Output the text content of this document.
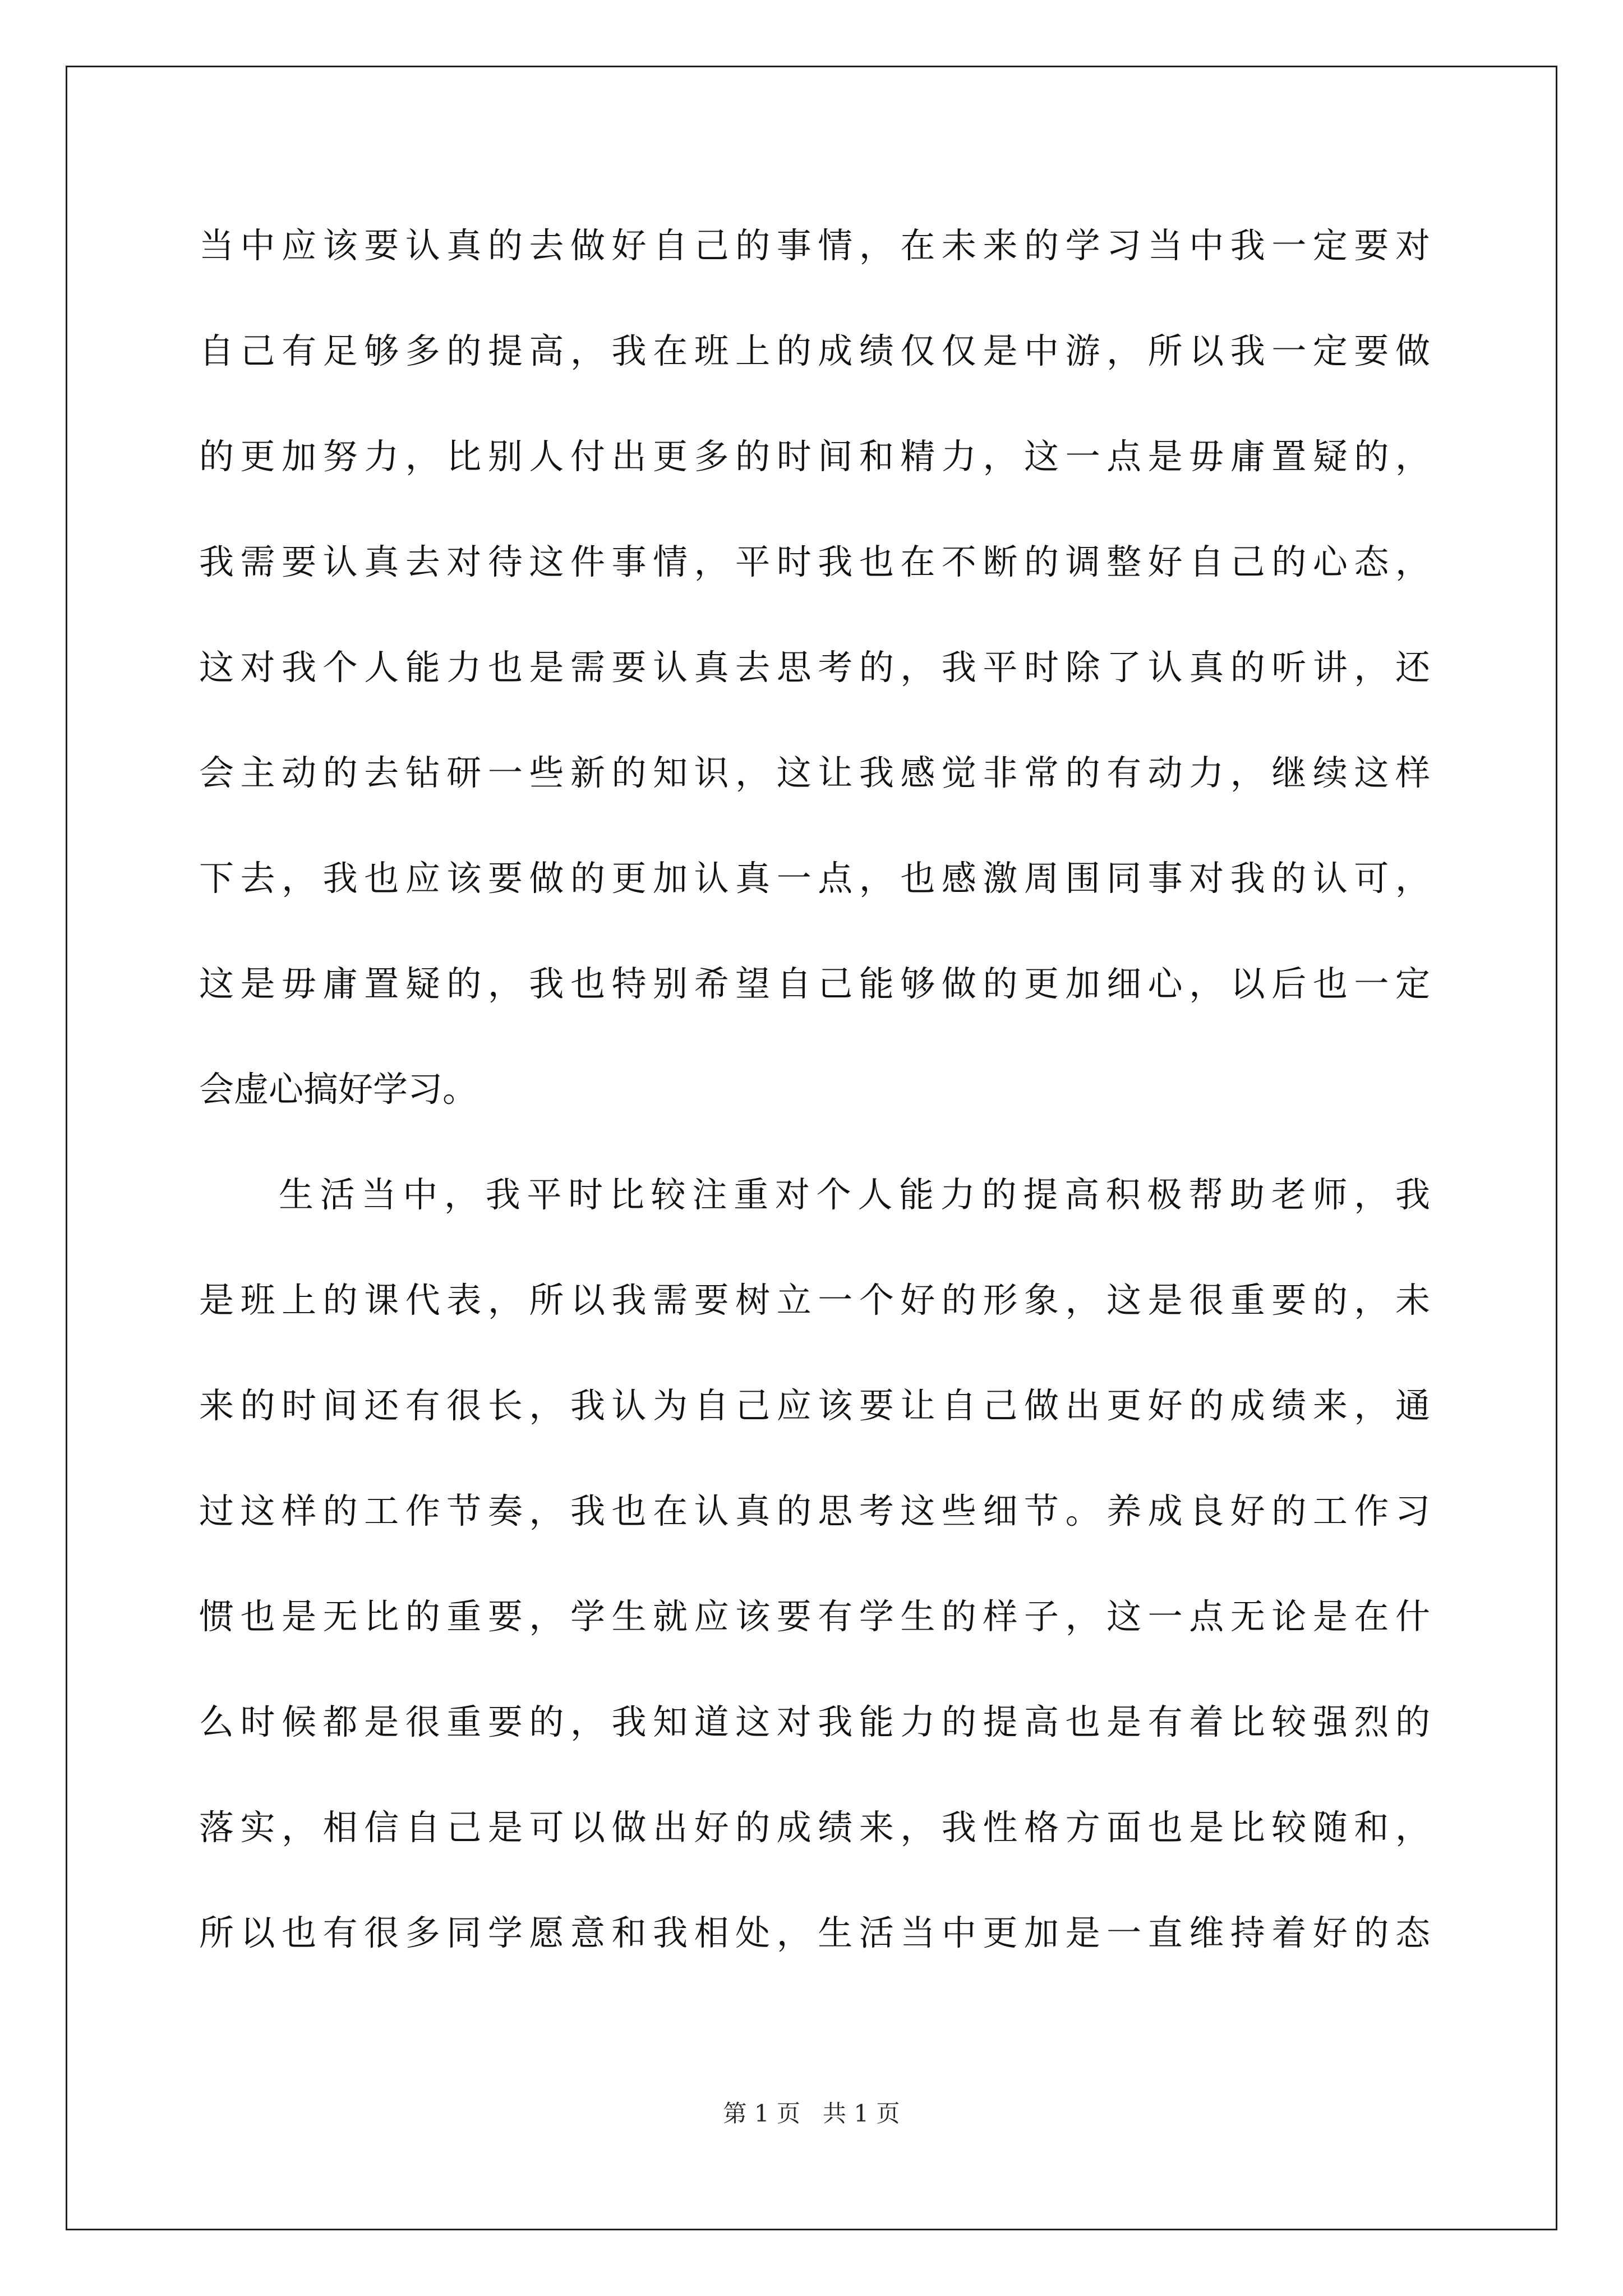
当中应该要认真的去做好自己的事情，在未来的学习当中我一定要对
自己有足够多的提高，我在班上的成绩仅仅是中游，所以我一定要做
的更加努力，比别人付出更多的时间和精力，这一点是毋庸置疑的，
我需要认真去对待这件事情，平时我也在不断的调整好自己的心态，
这对我个人能力也是需要认真去思考的，我平时除了认真的听讲，还
会主动的去钻研一些新的知识，这让我感觉非常的有动力，继续这样
下去，我也应该要做的更加认真一点，也感激周围同事对我的认可，
这是毋庸置疑的，我也特别希望自己能够做的更加细心，以后也一定
会虚心搞好学习。
生活当中，我平时比较注重对个人能力的提高积极帮助老师，我
是班上的课代表，所以我需要树立一个好的形象，这是很重要的，未
来的时间还有很长，我认为自己应该要让自己做出更好的成绩来，通
过这样的工作节奏，我也在认真的思考这些细节。养成良好的工作习
惯也是无比的重要，学生就应该要有学生的样子，这一点无论是在什
么时候都是很重要的，我知道这对我能力的提高也是有着比较强烈的
落实，相信自己是可以做出好的成绩来，我性格方面也是比较随和，
所以也有很多同学愿意和我相处，生活当中更加是一直维持着好的态
第 1 页   共 1 页
